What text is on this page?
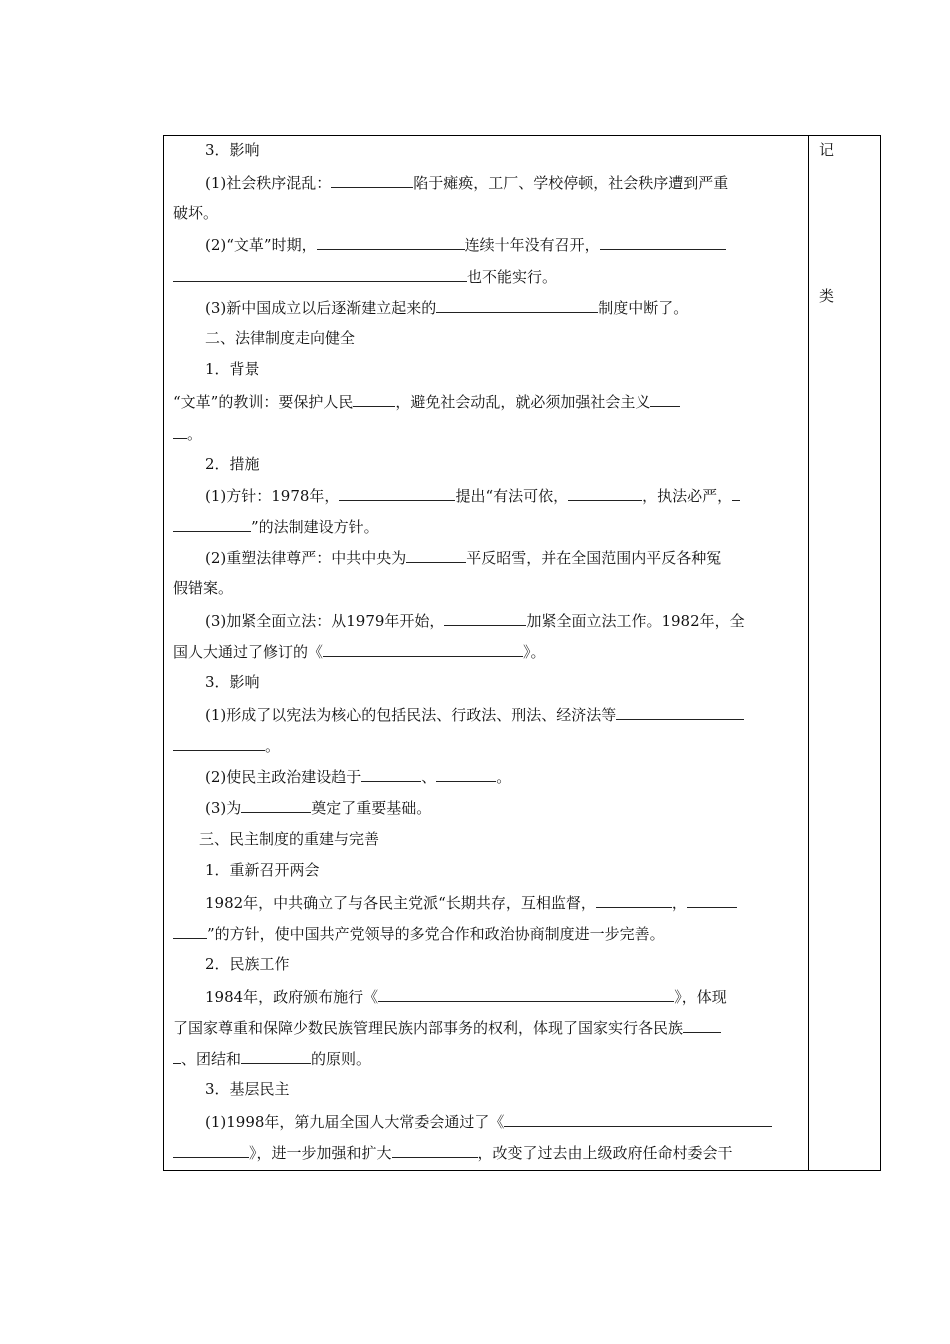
3．影响
(1)社会秩序混乱：	陷于瘫痪，工厂、学校停顿，社会秩序遭到严重
破坏。
(2)“文革”时期，	连续十年没有召开，
也不能实行。
(3)新中国成立以后逐渐建立起来的	制度中断了。
二、法律制度走向健全
1．背景
“文革”的教训：要保护人民	，避免社会动乱，就必须加强社会主义
。
2．措施
(1)方针：1978年，	提出“有法可依，	，执法必严，
”的法制建设方针。
(2)重塑法律尊严：中共中央为	平反昭雪，并在全国范围内平反各种冤
假错案。
(3)加紧全面立法：从1979年开始，	加紧全面立法工作。1982年，全
国人大通过了修订的《	》。
3．影响
(1)形成了以宪法为核心的包括民法、行政法、刑法、经济法等
。
(2)使民主政治建设趋于	、	。
(3)为	奠定了重要基础。
三、民主制度的重建与完善
1．重新召开两会
1982年，中共确立了与各民主党派“长期共存，互相监督，	，
”的方针，使中国共产党领导的多党合作和政治协商制度进一步完善。
2．民族工作
1984年，政府颁布施行《	》，体现
了国家尊重和保障少数民族管理民族内部事务的权利，体现了国家实行各民族
、团结和	的原则。
3．基层民主
(1)1998年，第九届全国人大常委会通过了《
》，进一步加强和扩大	，改变了过去由上级政府任命村委会干
记
类
